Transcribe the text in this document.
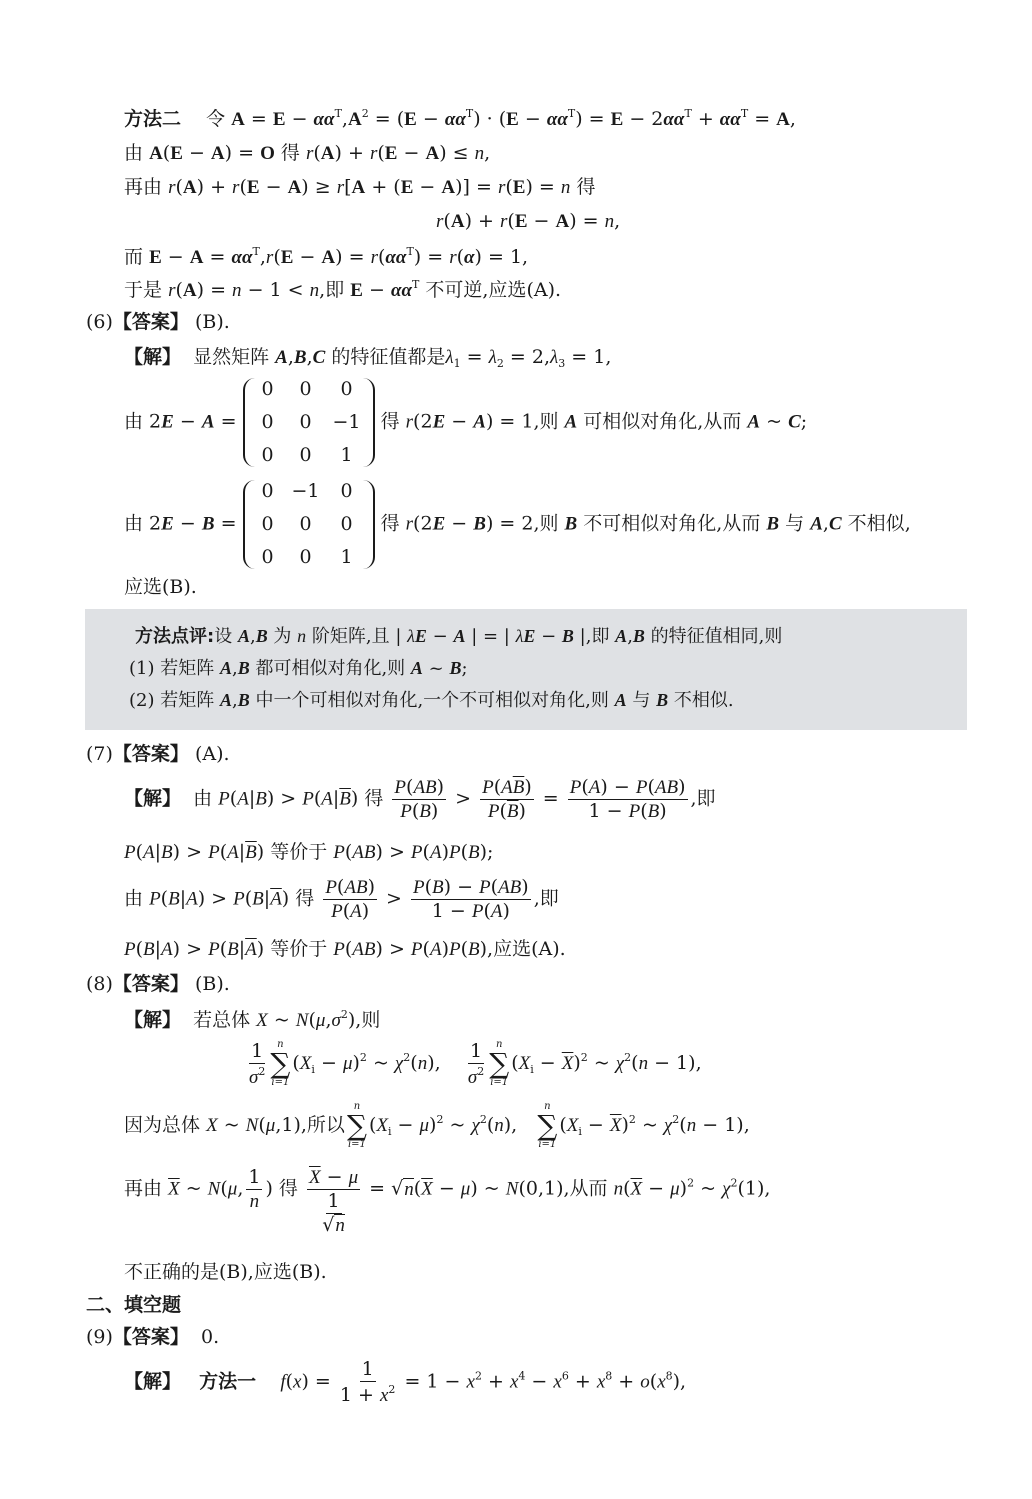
方法二 令 $A = E - \alpha\alpha^T,A^2 = (E - \alpha\alpha^T) \cdot (E - \alpha\alpha^T) = E - 2\alpha\alpha^T + \alpha\alpha^T = A$,
由 A(E − A) = O 得 r(A) + r(E − A) ≤ n,
再由 r(A) + r(E − A) ≥ r[A + (E − A)] = r(E) = n 得
r(A) + r(E − A) = n,
而 $E - A = \alpha\alpha^T,r(E - A) = r(\alpha\alpha^T) = r(\alpha) = 1$,
于是 r(A) = n − 1 < n,即 $E - \alpha\alpha^T$ 不可逆,应选(A).
(6)【答案】 (B).
【解】 显然矩阵 A,B,C 的特征值都是$\lambda_1 = \lambda_2 = 2,\lambda_3 = 1$,
由 2E − A =
0	0	0
0	0	−1
0	0	1
得 r(2E − A) = 1,则 A 可相似对角化,从而 A ~ C;
由 2E − B =
0 −1	0
0	0	0
0	0	1
得 r(2E − B) = 2,则 B 不可相似对角化,从而 B 与 A,C 不相似,
应选(B).
方法点评:设 A,B 为 n 阶矩阵,且 | λE − A | = | λE − B |,即 A,B 的特征值相同,则
(1) 若矩阵 A,B 都可相似对角化,则 A ~ B;
(2) 若矩阵 A,B 中一个可相似对角化,一个不可相似对角化,则 A 与 B 不相似.
(7)【答案】 (A).
【解】 由 $P(A|B) > P(A|\overline{B})$ 得 $\frac{P(AB)}{P(B)} > \frac{P(A\overline{B})}{P(\overline{B})} = \frac{P(A) - P(AB)}{1 - P(B)}$ ,即
$P(A|B) > P(A|\overline{B})$ 等价于 P(AB) > P(A)P(B);
由 $P(B|A) > P(B|\overline{A})$ 得 $\frac{P(AB)}{P(A)} > \frac{P(B) - P(AB)}{1 - P(A)}$ ,即
$P(B|A) > P(B|\overline{A})$ 等价于 P(AB) > P(A)P(B),应选(A).
(8)【答案】 (B).
【解】 若总体 X ~ $N(\mu,\sigma^2)$,则
$\frac{1}{\sigma^2}$ n
∑
i=1
$(X_i - \mu)^2$ ~ $\chi^2(n)$, $\frac{1}{\sigma^2}$ n
∑
i=1
$(X_i - \overline{X})^2$ ~ $\chi^2(n - 1)$,
因为总体 X ~ N(μ,1),所以
n
∑
i=1
$(X_i - \mu)^2$ ~ $\chi^2(n)$,
n
∑
i=1
$(X_i - \overline{X})^2$ ~ $\chi^2(n - 1)$,
再由 $\overline{X}$ ~ N(μ, $\frac{1}{n}$ ) 得 $\frac{\overline{X} - \mu}{\frac{1}{√n}} = √n(\overline{X} - \mu)$ ~ N(0,1),从而 $n(\overline{X} - \mu)^2$ ~ $\chi^2(1)$,
不正确的是(B),应选(B).
二、填空题
(9)【答案】 0.
【解】 方法一 $f(x) = \frac{1}{1 + x^2} = 1 - x^2 + x^4 - x^6 + x^8 + o(x^8)$,
